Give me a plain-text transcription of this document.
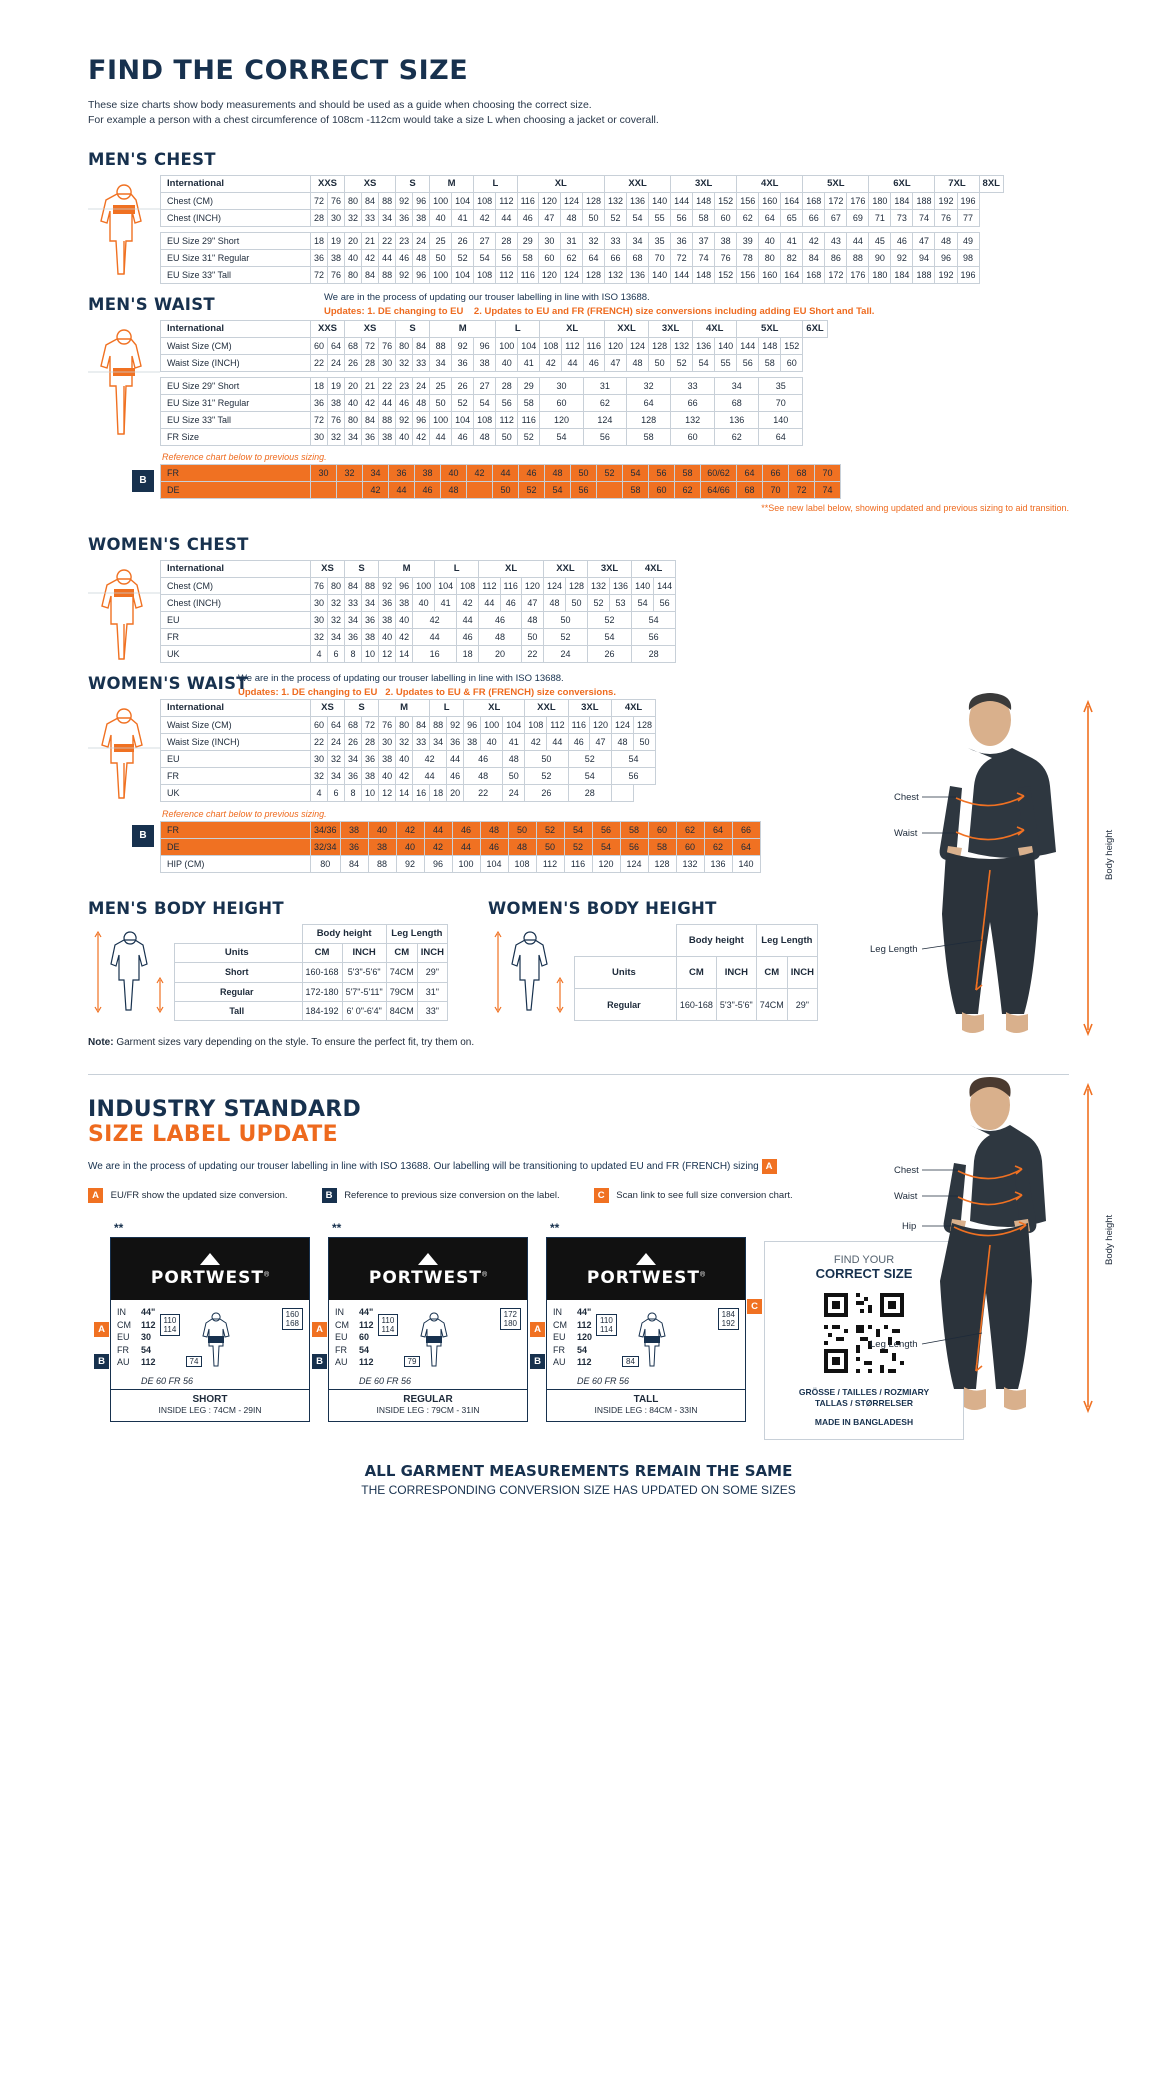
FIND THE CORRECT SIZE
These size charts show body measurements and should be used as a guide when choosing the correct size.
For example a person with a chest circumference of 108cm -112cm would take a size L when choosing a jacket or coverall.
MEN'S CHEST
International	XXS		XS			S		M		L		XL				XXL			3XL			4XL			5XL			6XL			7XL		8XL
Chest (CM)	72	76	80	84	88	92	96	100	104	108	112	116	120	124	128	132	136	140	144	148	152	156	160	164	168	172	176	180	184	188	192	196	
Chest (INCH)	28	30	32	33	34	36	38	40	41	42	44	46	47	48	50	52	54	55	56	58	60	62	64	65	66	67	69	71	73	74	76	77	

EU Size 29" Short	18	19	20	21	22	23	24	25	26	27	28	29	30	31	32	33	34	35	36	37	38	39	40	41	42	43	44	45	46	47	48	49	
EU Size 31" Regular	36	38	40	42	44	46	48	50	52	54	56	58	60	62	64	66	68	70	72	74	76	78	80	82	84	86	88	90	92	94	96	98	
EU Size 33" Tall	72	76	80	84	88	92	96	100	104	108	112	116	120	124	128	132	136	140	144	148	152	156	160	164	168	172	176	180	184	188	192	196	
We are in the process of updating our trouser labelling in line with ISO 13688.
Updates: 1. DE changing to EU 2. Updates to EU and FR (FRENCH) size conversions including adding EU Short and Tall.
MEN'S WAIST
International	XXS		XS			S		M			L		XL			XXL		3XL		4XL		5XL			6XL
Waist Size (CM)	60	64	68	72	76	80	84	88	92	96	100	104	108	112	116	120	124	128	132	136	140	144	148	152	
Waist Size (INCH)	22	24	26	28	30	32	33	34	36	38	40	41	42	44	46	47	48	50	52	54	55	56	58	60	

EU Size 29" Short	18	19	20	21	22	23	24	25	26	27	28	29	30		31		32		33		34		35		
EU Size 31" Regular	36	38	40	42	44	46	48	50	52	54	56	58	60		62		64		66		68		70		
EU Size 33" Tall	72	76	80	84	88	92	96	100	104	108	112	116	120		124		128		132		136		140		
FR Size	30	32	34	36	38	40	42	44	46	48	50	52	54		56		58		60		62		64		
Reference chart below to previous sizing.
B
FR	30	32	34	36	38	40	42	44	46	48	50	52	54	56	58	60/62	64	66	68	70
DE			42	44	46	48		50	52	54	56		58	60	62	64/66	68	70	72	74
**See new label below, showing updated and previous sizing to aid transition.
WOMEN'S CHEST
International	XS		S		M			L		XL			XXL		3XL		4XL	
Chest (CM)	76	80	84	88	92	96	100	104	108	112	116	120	124	128	132	136	140	144
Chest (INCH)	30	32	33	34	36	38	40	41	42	44	46	47	48	50	52	53	54	56
EU	30	32	34	36	38	40	42		44	46		48	50		52		54	
FR	32	34	36	38	40	42	44		46	48		50	52		54		56	
UK	4	6	8	10	12	14	16		18	20		22	24		26		28	
We are in the process of updating our trouser labelling in line with ISO 13688.
Updates: 1. DE changing to EU 2. Updates to EU & FR (FRENCH) size conversions.
WOMEN'S WAIST
International	XS		S		M			L		XL			XXL		3XL		4XL	
Waist Size (CM)	60	64	68	72	76	80	84	88	92	96	100	104	108	112	116	120	124	128
Waist Size (INCH)	22	24	26	28	30	32	33	34	36	38	40	41	42	44	46	47	48	50
EU	30	32	34	36	38	40	42		44	46		48	50		52		54	
FR	32	34	36	38	40	42	44		46	48		50	52		54		56	
UK	4	6	8	10	12	14	16	18	20	22		24	26		28			
Reference chart below to previous sizing.
B	FR	34/36	38	40	42	44	46	48	50	52	54	56	58	60	62	64	66
DE	32/34	36	38	40	42	44	46	48	50	52	54	56	58	60	62	64
HIP (CM)	80	84	88	92	96	100	104	108	112	116	120	124	128	132	136	140
MEN'S BODY HEIGHT
	Body height		Leg Length	
Units	CM	INCH	CM	INCH
Short	160-168	5'3"-5'6"	74CM	29"
Regular	172-180	5'7"-5'11"	79CM	31"
Tall	184-192	6' 0"-6'4"	84CM	33"
WOMEN'S BODY HEIGHT
	Body height		Leg Length	
Units	CM	INCH	CM	INCH
Regular	160-168	5'3"-5'6"	74CM	29"
Note: Garment sizes vary depending on the style. To ensure the perfect fit, try them on.
INDUSTRY STANDARD
SIZE LABEL UPDATE
We are in the process of updating our trouser labelling in line with ISO 13688. Our labelling will be transitioning to updated EU and FR (FRENCH) sizing A
A EU/FR show the updated size conversion.	B Reference to previous size conversion on the label.	C Scan link to see full size conversion chart.
**
A
B
PORTWEST®
IN 44"
CM 112
EU 30
FR 54
AU 112
110
114
160
168
74
DE 60 FR 56
SHORT
INSIDE LEG : 74CM - 29IN
**
A
B
PORTWEST®
IN 44"
CM 112
EU 60
FR 54
AU 112
110
114
172
180
79
DE 60 FR 56
REGULAR
INSIDE LEG : 79CM - 31IN
**
A
B
PORTWEST®
IN 44"
CM 112
EU 120
FR 54
AU 112
110
114
184
192
84
DE 60 FR 56
TALL
INSIDE LEG : 84CM - 33IN
C
FIND YOUR
CORRECT SIZE
GRÖSSE / TAILLES / ROZMIARY
TALLAS / STØRRELSER
MADE IN BANGLADESH
ALL GARMENT MEASUREMENTS REMAIN THE SAME
THE CORRESPONDING CONVERSION SIZE HAS UPDATED ON SOME SIZES
Chest
Waist
Leg Length
Body height
Chest
Waist
Hip
Leg Length
Body height
